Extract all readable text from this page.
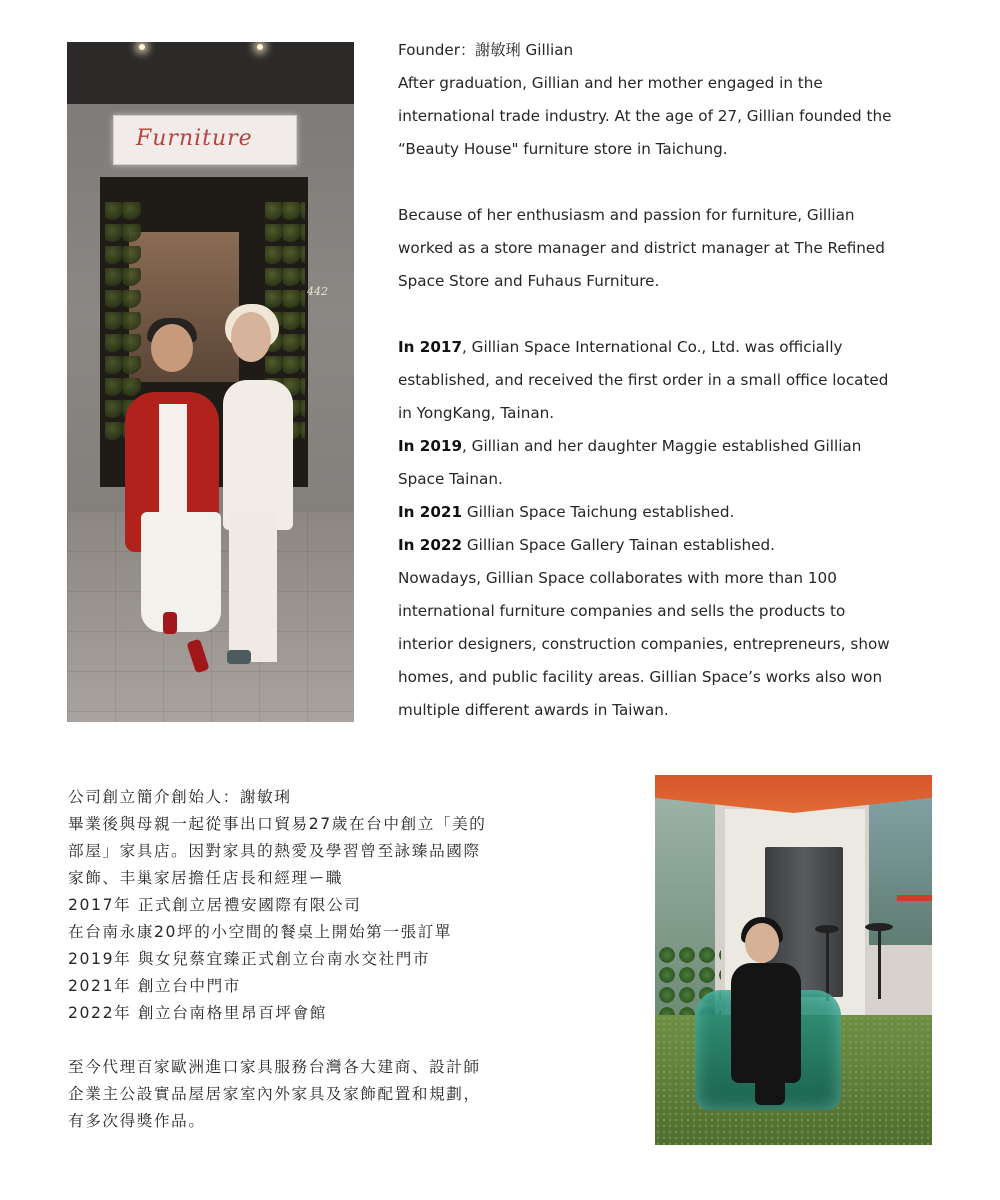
Furniture
442

Founder：謝敏琍 Gillian

After graduation, Gillian and her mother engaged in the

international trade industry. At the age of 27, Gillian founded the

“Beauty House" furniture store in Taichung.

Because of her enthusiasm and passion for furniture, Gillian

worked as a store manager and district manager at The Refined

Space Store and Fuhaus Furniture.

In 2017, Gillian Space International Co., Ltd. was officially

established, and received the first order in a small office located

in YongKang, Tainan.

In 2019, Gillian and her daughter Maggie established Gillian

Space Tainan.

In 2021 Gillian Space Taichung established.

In 2022 Gillian Space Gallery Tainan established.

Nowadays, Gillian Space collaborates with more than 100

international furniture companies and sells the products to

interior designers, construction companies, entrepreneurs, show

homes, and public facility areas. Gillian Space’s works also won

multiple different awards in Taiwan.

公司創立簡介創始人：謝敏琍

畢業後與母親一起從事出口貿易27歲在台中創立「美的

部屋」家具店。因對家具的熱愛及學習曾至詠臻品國際

家飾、丰巢家居擔任店長和經理ー職

2017年 正式創立居禮安國際有限公司

在台南永康20坪的小空間的餐桌上開始第一張訂單

2019年 與女兒蔡宜臻正式創立台南水交社門市

2021年 創立台中門市

2022年 創立台南格里昂百坪會館

至今代理百家歐洲進口家具服務台灣各大建商、設計師

企業主公設實品屋居家室內外家具及家飾配置和規劃，

有多次得獎作品。
